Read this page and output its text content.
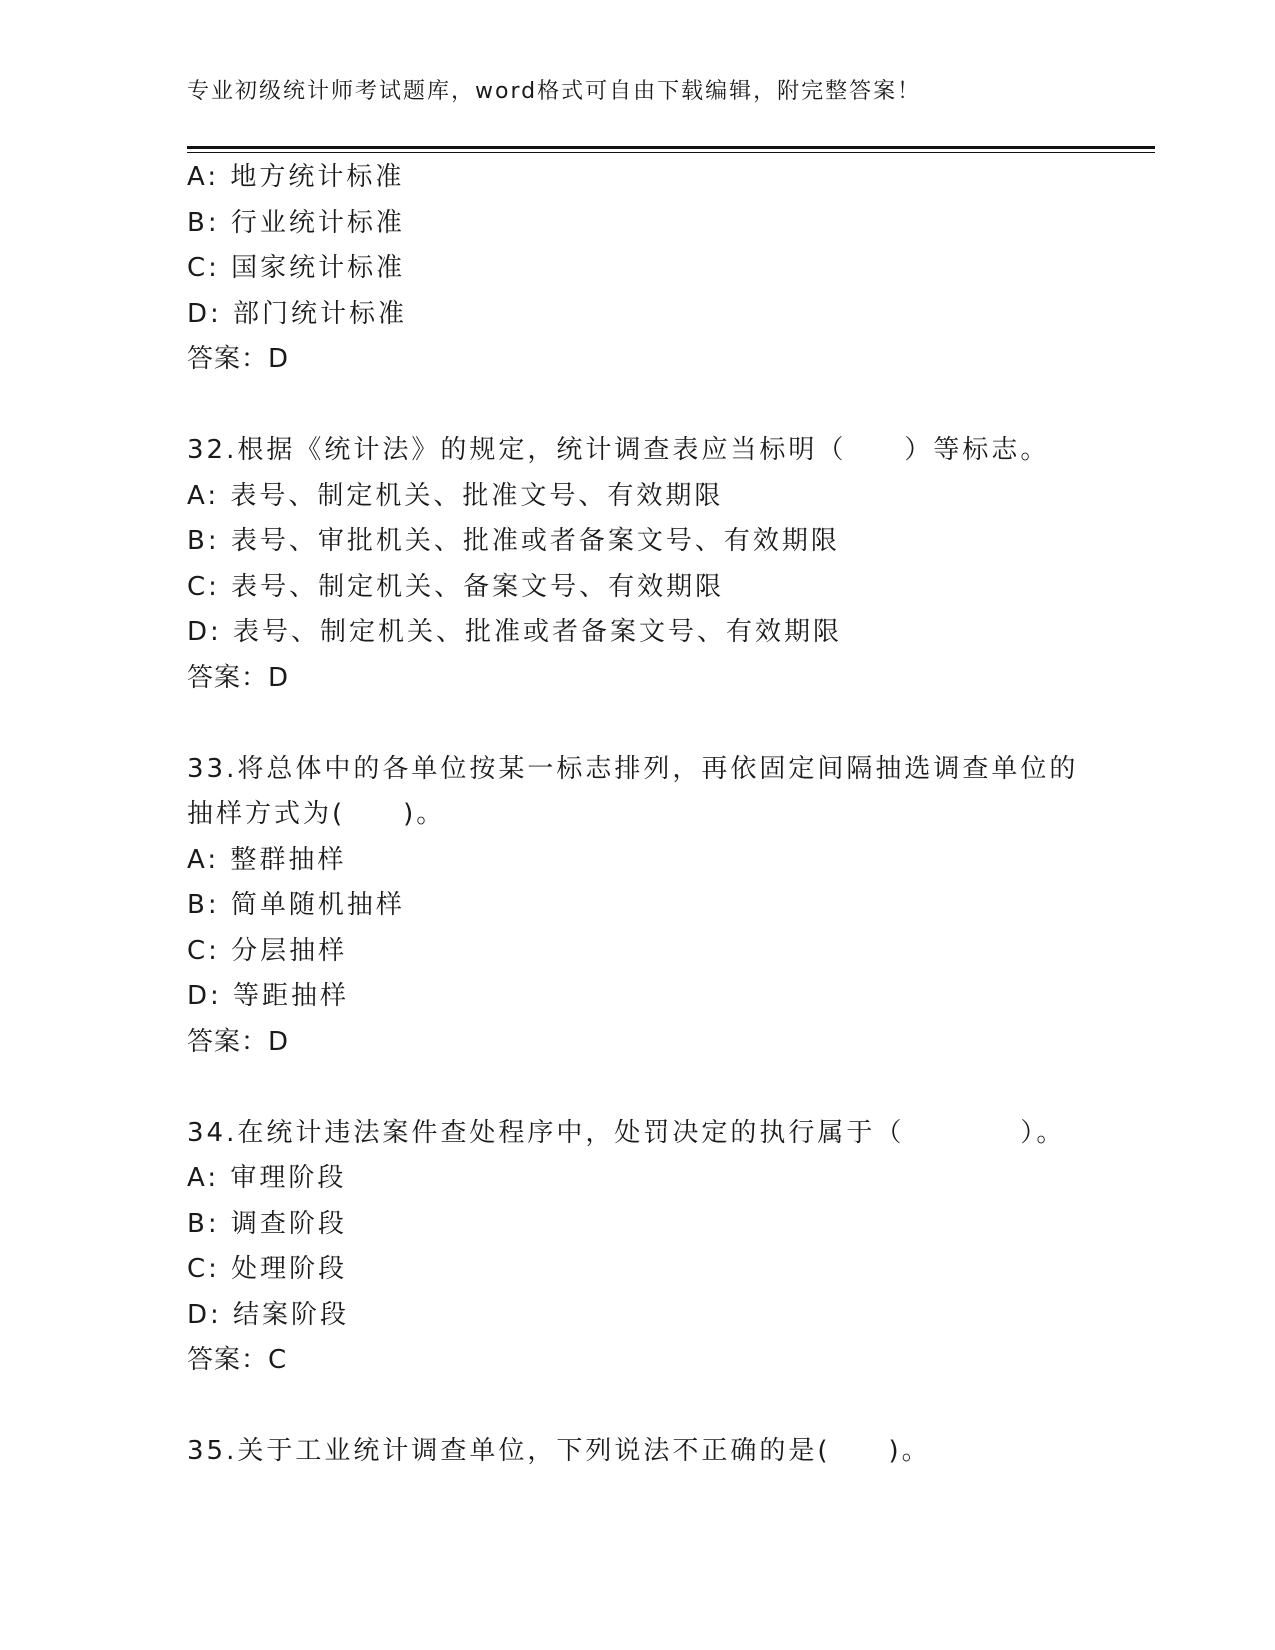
专业初级统计师考试题库，word格式可自由下载编辑，附完整答案！
A: 地方统计标准
B: 行业统计标准
C: 国家统计标准
D: 部门统计标准
答案：D
32.根据《统计法》的规定，统计调查表应当标明（　　）等标志。
A: 表号、制定机关、批准文号、有效期限
B: 表号、审批机关、批准或者备案文号、有效期限
C: 表号、制定机关、备案文号、有效期限
D: 表号、制定机关、批准或者备案文号、有效期限
答案：D
33.将总体中的各单位按某一标志排列，再依固定间隔抽选调查单位的
抽样方式为(　　)。
A: 整群抽样
B: 简单随机抽样
C: 分层抽样
D: 等距抽样
答案：D
34.在统计违法案件查处程序中，处罚决定的执行属于（　　　　）。
A: 审理阶段
B: 调查阶段
C: 处理阶段
D: 结案阶段
答案：C
35.关于工业统计调查单位，下列说法不正确的是(　　)。
